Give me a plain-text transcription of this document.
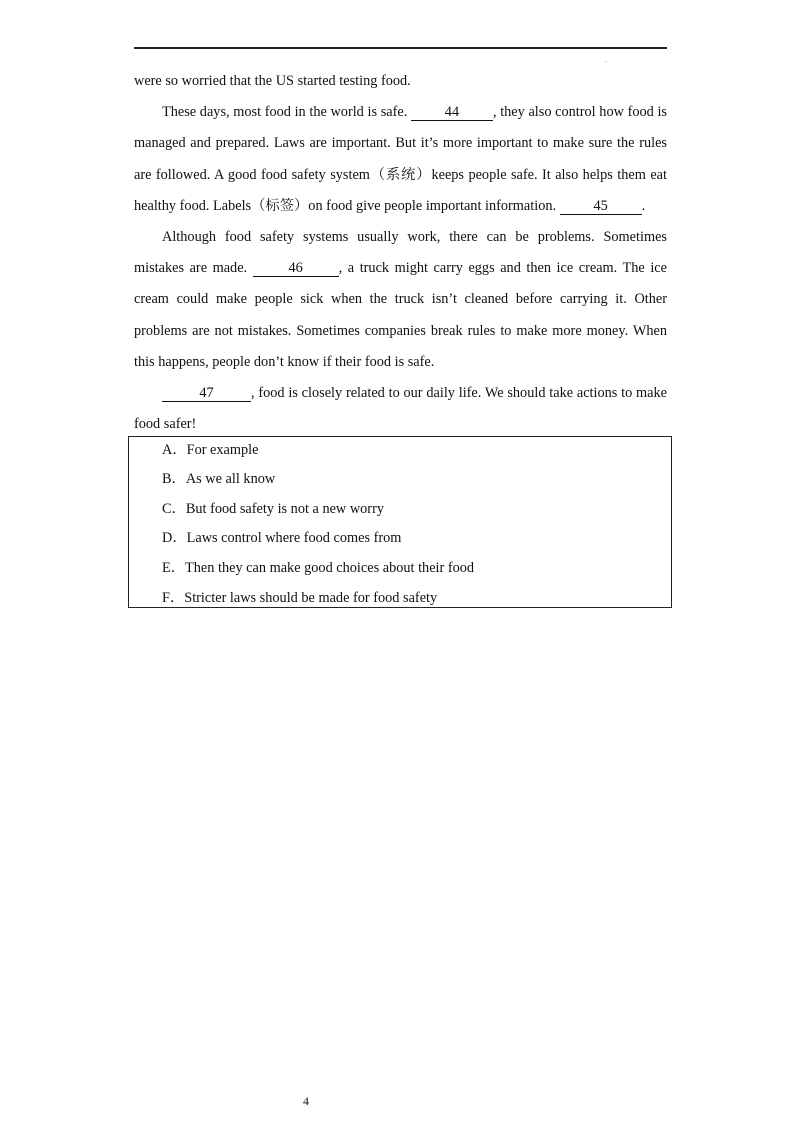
.

were so worried that the US started testing food.

These days, most food in the world is safe. 44 , they also control how food is managed and prepared. Laws are important. But it’s more important to make sure the rules are followed. A good food safety system（系统）keeps people safe. It also helps them eat healthy food. Labels（标签）on food give people important information. 45 .

Although food safety systems usually work, there can be problems. Sometimes mistakes are made.	46	, a truck might carry eggs and then ice cream. The ice cream could make people sick when the truck isn’t cleaned before carrying it. Other problems are not mistakes. Sometimes companies break rules to make more money. When this happens, people don’t know if their food is safe.

47	, food is closely related to our daily life. We should take actions to make food safer!

A．For example
B．As we all know
C．But food safety is not a new worry
D．Laws control where food comes from
E．Then they can make good choices about their food
F．Stricter laws should be made for food safety
4
